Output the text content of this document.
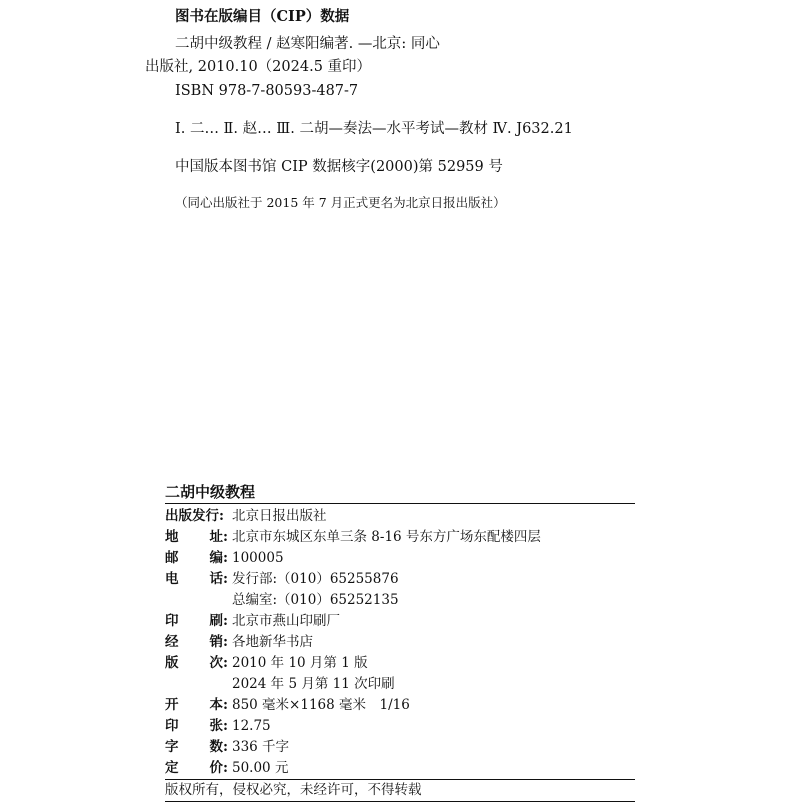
图书在版编目（CIP）数据
二胡中级教程 / 赵寒阳编著. —北京: 同心
出版社, 2010.10（2024.5 重印）
ISBN 978-7-80593-487-7
Ⅰ. 二… Ⅱ. 赵… Ⅲ. 二胡—奏法—水平考试—教材 Ⅳ. J632.21
中国版本图书馆 CIP 数据核字(2000)第 52959 号
（同心出版社于 2015 年 7 月正式更名为北京日报出版社）
二胡中级教程
出版发行: 北京日报出版社
地 址: 北京市东城区东单三条 8-16 号东方广场东配楼四层
邮 编: 100005
电 话: 发行部:（010）65255876
总编室:（010）65252135
印 刷: 北京市燕山印刷厂
经 销: 各地新华书店
版 次: 2010 年 10 月第 1 版
2024 年 5 月第 11 次印刷
开 本: 850 毫米×1168 毫米　1/16
印 张: 12.75
字 数: 336 千字
定 价: 50.00 元
版权所有，侵权必究，未经许可，不得转载
